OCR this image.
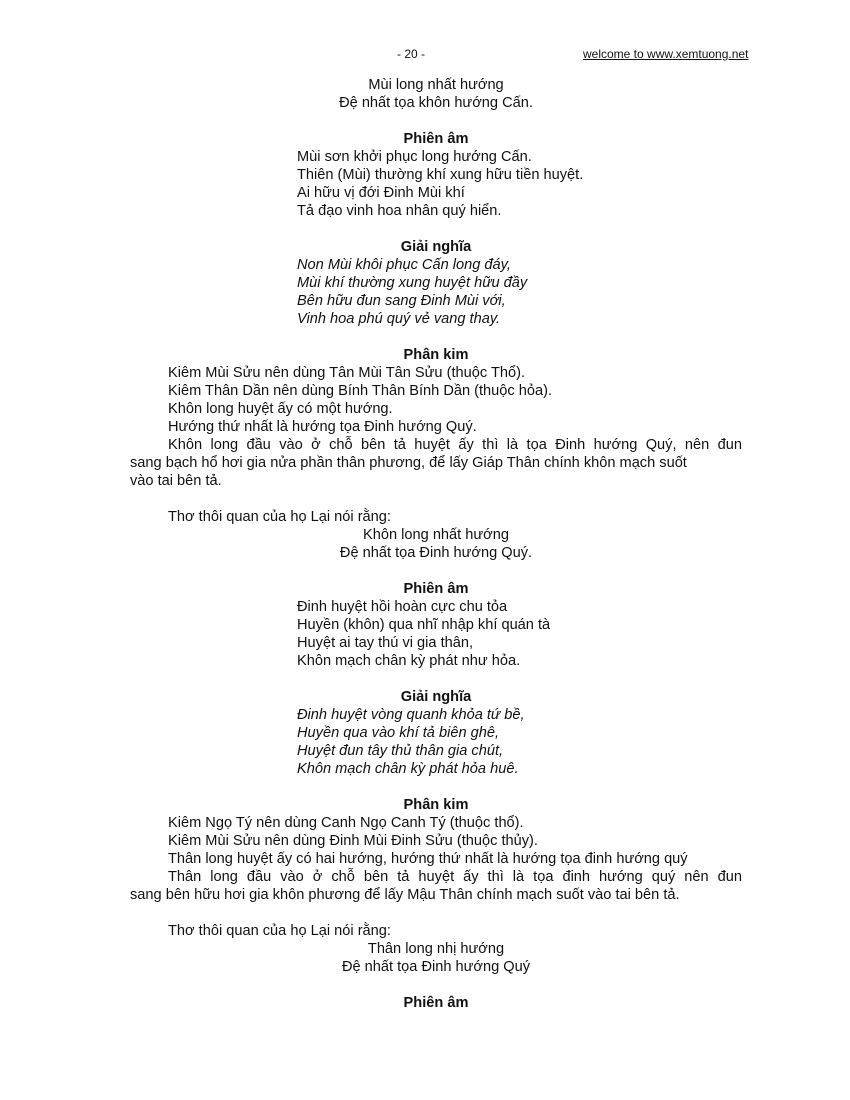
- 20 -	welcome to www.xemtuong.net
Mùi long nhất hướng
Đệ nhất tọa khôn hướng Cấn.
Phiên âm
Mùi sơn khởi phục long hướng Cấn.
Thiên (Mùi) thường khí xung hữu tiền huyệt.
Ai hữu vị đới Đinh Mùi khí
Tả đạo vinh hoa nhân quý hiển.
Giải nghĩa
Non Mùi khôi phục Cấn long đáy,
Mùi khí thường xung huyệt hữu đầy
Bên hữu đun sang Đinh Mùi với,
Vinh hoa phú quý vẻ vang thay.
Phân kim
Kiêm Mùi Sửu nên dùng Tân Mùi Tân Sửu (thuộc Thổ).
Kiêm Thân Dần nên dùng Bính Thân Bính Dần (thuộc hỏa).
Khôn long huyệt ấy có một hướng.
Hướng thứ nhất là hướng tọa Đinh hướng Quý.
Khôn long đầu vào ở chỗ bên tả huyệt ấy thì là tọa Đinh hướng Quý, nên đun
sang bạch hổ hơi gia nửa phần thân phương, để lấy Giáp Thân chính khôn mạch suốt
vào tai bên tả.
Thơ thôi quan của họ Lại nói rằng:
Khôn long nhất hướng
Đệ nhất tọa Đinh hướng Quý.
Phiên âm
Đinh huyệt hồi hoàn cực chu tỏa
Huyền (khôn) qua nhĩ nhập khí quán tà
Huyệt ai tay thú vi gia thân,
Khôn mạch chân kỳ phát như hỏa.
Giải nghĩa
Đinh huyệt vòng quanh khỏa tứ bề,
Huyền qua vào khí tả biên ghê,
Huyệt đun tây thủ thân gia chút,
Khôn mạch chân kỳ phát hỏa huê.
Phân kim
Kiêm Ngọ Tý nên dùng Canh Ngọ Canh Tý (thuộc thổ).
Kiêm Mùi Sửu nên dùng Đinh Mùi Đinh Sửu (thuộc thủy).
Thân long huyệt ấy có hai hướng, hướng thứ nhất là hướng tọa đinh hướng quý
Thân long đầu vào ở chỗ bên tả huyệt ấy thì là tọa đinh hướng quý nên đun
sang bên hữu hơi gia khôn phương để lấy Mậu Thân chính mạch suốt vào tai bên tả.
Thơ thôi quan của họ Lại nói rằng:
Thân long nhị hướng
Đệ nhất tọa Đinh hướng Quý
Phiên âm
